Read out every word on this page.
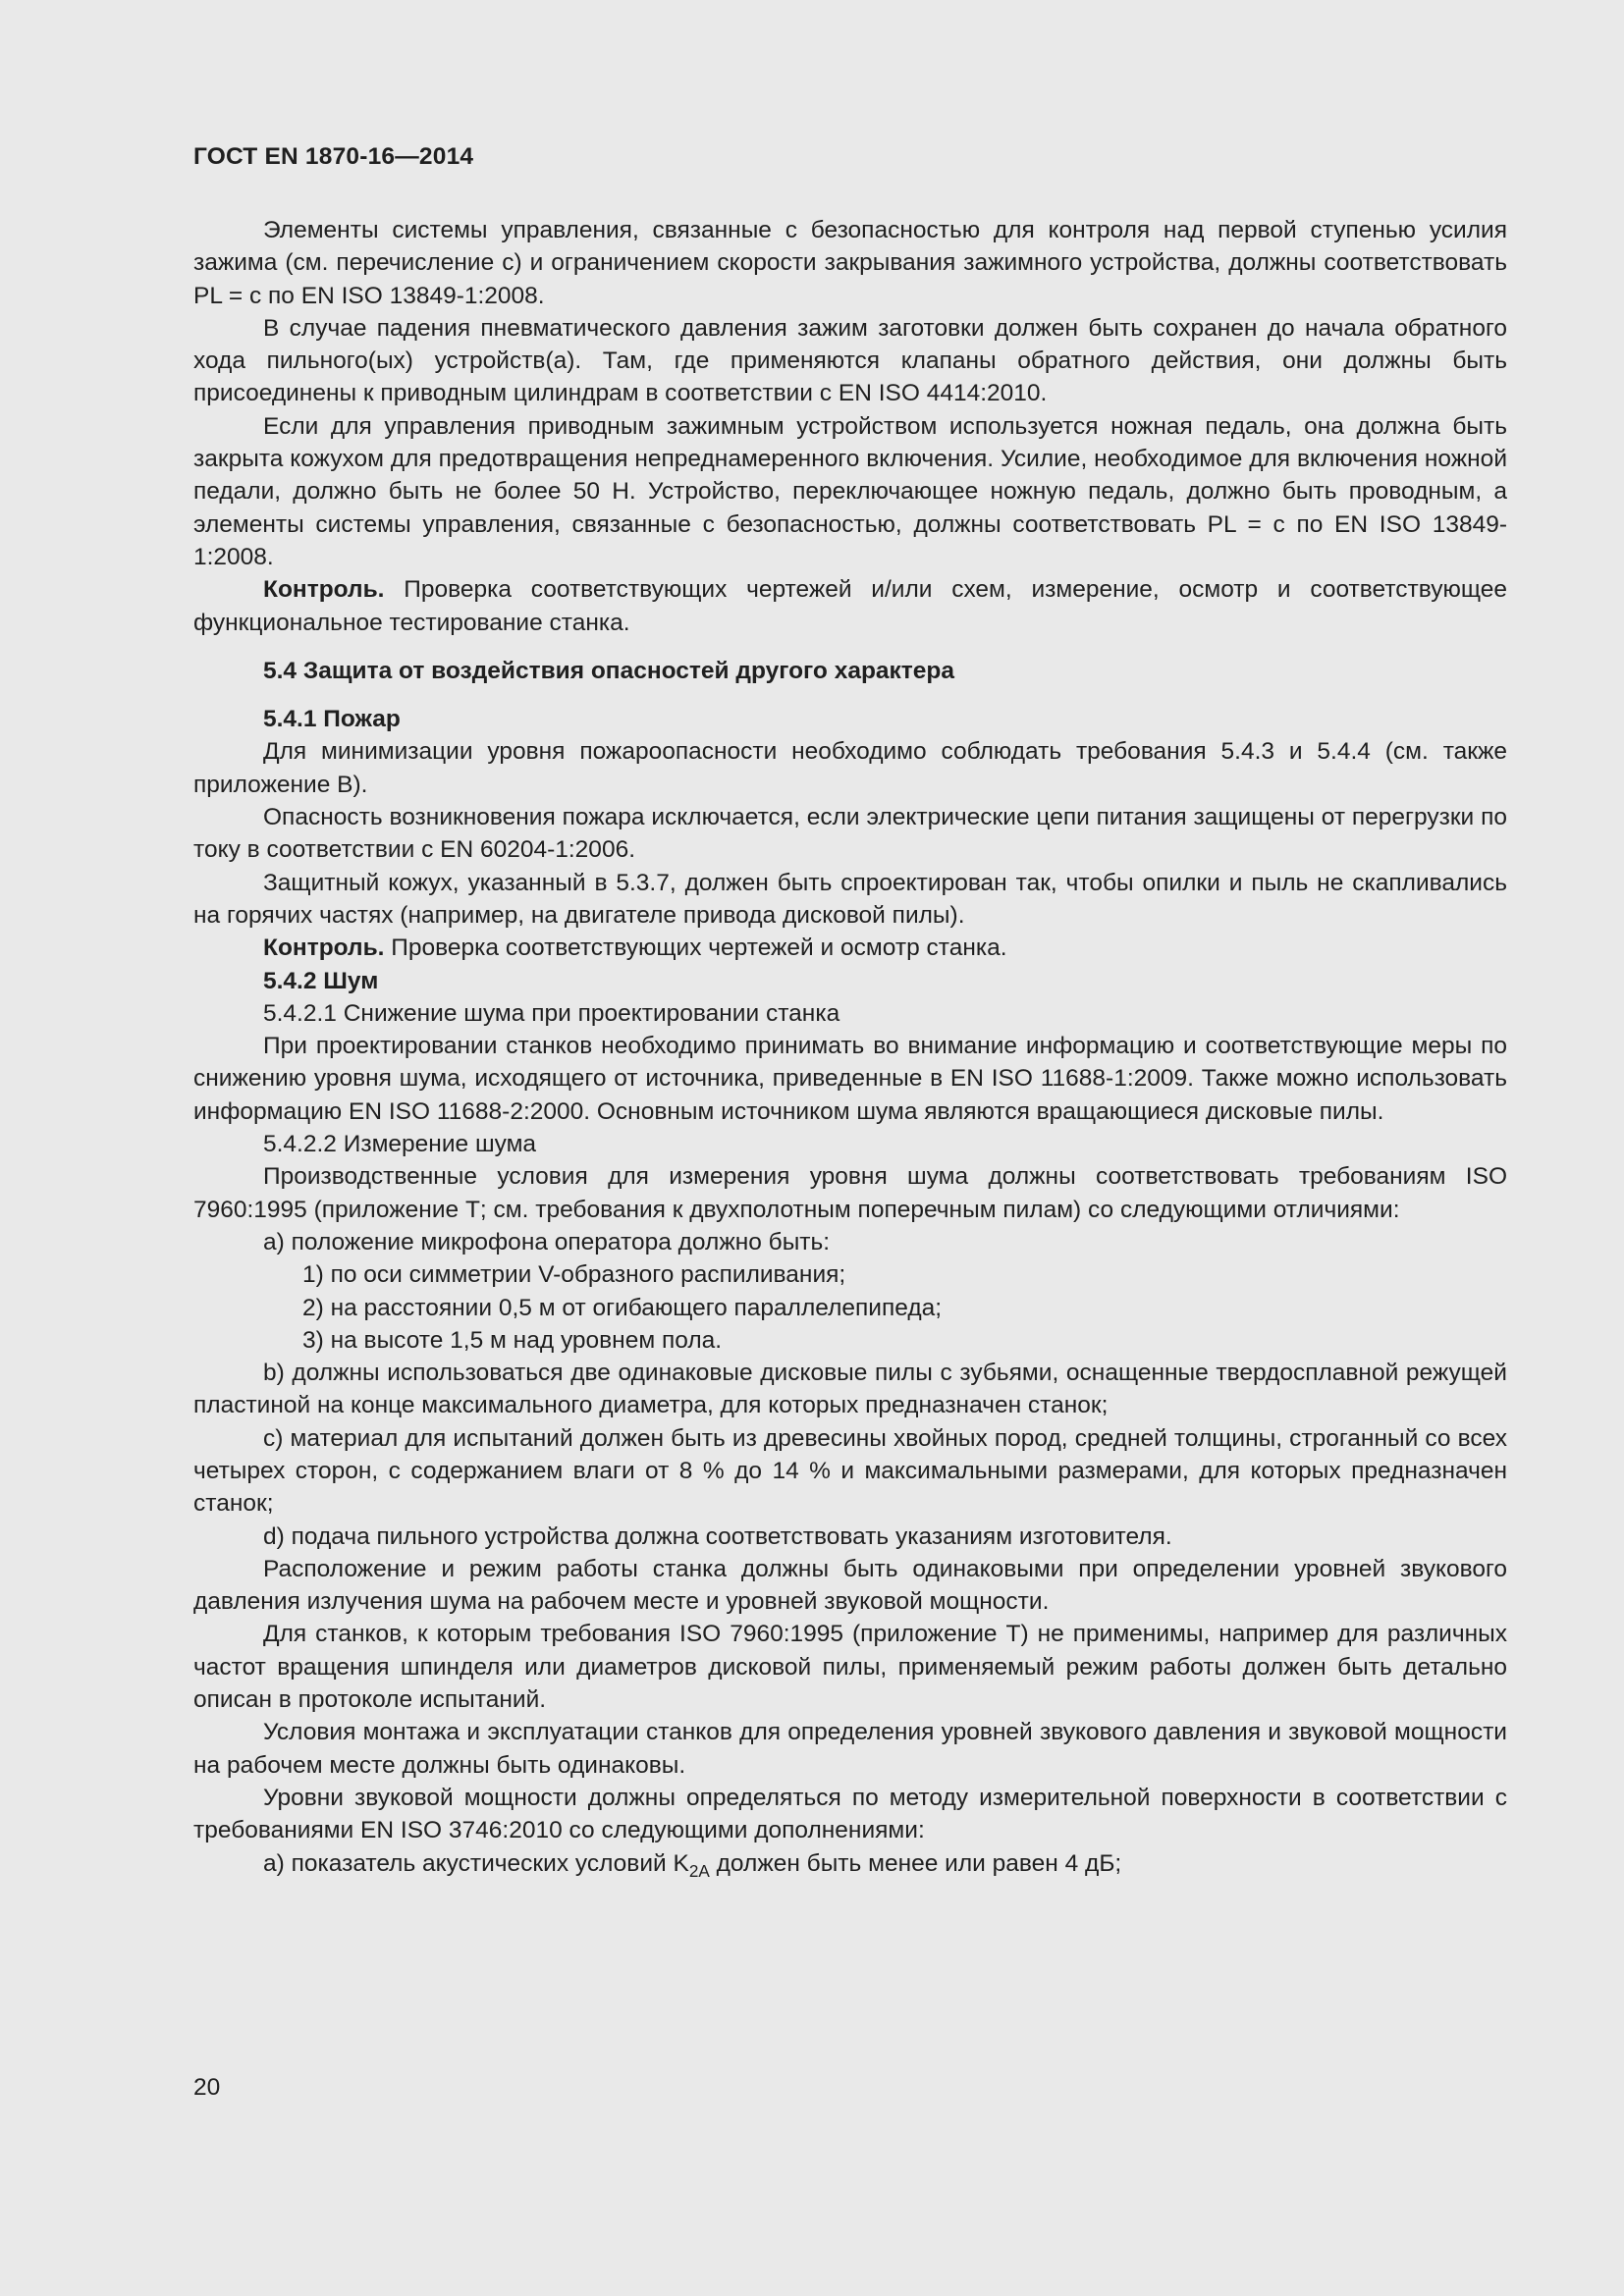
ГОСТ EN 1870-16—2014

Элементы системы управления, связанные с безопасностью для контроля над первой ступенью усилия зажима (см. перечисление с) и ограничением скорости закрывания зажимного устройства, должны соответствовать PL = с по EN ISO 13849-1:2008.

В случае падения пневматического давления зажим заготовки должен быть сохранен до начала обратного хода пильного(ых) устройств(а). Там, где применяются клапаны обратного действия, они должны быть присоединены к приводным цилиндрам в соответствии с EN ISO 4414:2010.

Если для управления приводным зажимным устройством используется ножная педаль, она должна быть закрыта кожухом для предотвращения непреднамеренного включения. Усилие, необходимое для включения ножной педали, должно быть не более 50 Н. Устройство, переключающее ножную педаль, должно быть проводным, а элементы системы управления, связанные с безопасностью, должны соответствовать PL = с по EN ISO 13849-1:2008.

Контроль. Проверка соответствующих чертежей и/или схем, измерение, осмотр и соответствующее функциональное тестирование станка.

5.4 Защита от воздействия опасностей другого характера

5.4.1 Пожар

Для минимизации уровня пожароопасности необходимо соблюдать требования 5.4.3 и 5.4.4 (см. также приложение В).

Опасность возникновения пожара исключается, если электрические цепи питания защищены от перегрузки по току в соответствии с EN 60204-1:2006.

Защитный кожух, указанный в 5.3.7, должен быть спроектирован так, чтобы опилки и пыль не скапливались на горячих частях (например, на двигателе привода дисковой пилы).

Контроль. Проверка соответствующих чертежей и осмотр станка.

5.4.2 Шум

5.4.2.1 Снижение шума при проектировании станка

При проектировании станков необходимо принимать во внимание информацию и соответствующие меры по снижению уровня шума, исходящего от источника, приведенные в EN ISO 11688-1:2009. Также можно использовать информацию EN ISO 11688-2:2000. Основным источником шума являются вращающиеся дисковые пилы.

5.4.2.2 Измерение шума

Производственные условия для измерения уровня шума должны соответствовать требованиям ISO 7960:1995 (приложение Т; см. требования к двухполотным поперечным пилам) со следующими отличиями:

а) положение микрофона оператора должно быть:

1) по оси симметрии V-образного распиливания;

2) на расстоянии 0,5 м от огибающего параллелепипеда;

3) на высоте 1,5 м над уровнем пола.

b) должны использоваться две одинаковые дисковые пилы с зубьями, оснащенные твердосплавной режущей пластиной на конце максимального диаметра, для которых предназначен станок;

с) материал для испытаний должен быть из древесины хвойных пород, средней толщины, строганный со всех четырех сторон, с содержанием влаги от 8 % до 14 % и максимальными размерами, для которых предназначен станок;

d) подача пильного устройства должна соответствовать указаниям изготовителя.

Расположение и режим работы станка должны быть одинаковыми при определении уровней звукового давления излучения шума на рабочем месте и уровней звуковой мощности.

Для станков, к которым требования ISO 7960:1995 (приложение Т) не применимы, например для различных частот вращения шпинделя или диаметров дисковой пилы, применяемый режим работы должен быть детально описан в протоколе испытаний.

Условия монтажа и эксплуатации станков для определения уровней звукового давления и звуковой мощности на рабочем месте должны быть одинаковы.

Уровни звуковой мощности должны определяться по методу измерительной поверхности в соответствии с требованиями EN ISO 3746:2010 со следующими дополнениями:

а) показатель акустических условий $K_{2A}$ должен быть менее или равен 4 дБ;

20
